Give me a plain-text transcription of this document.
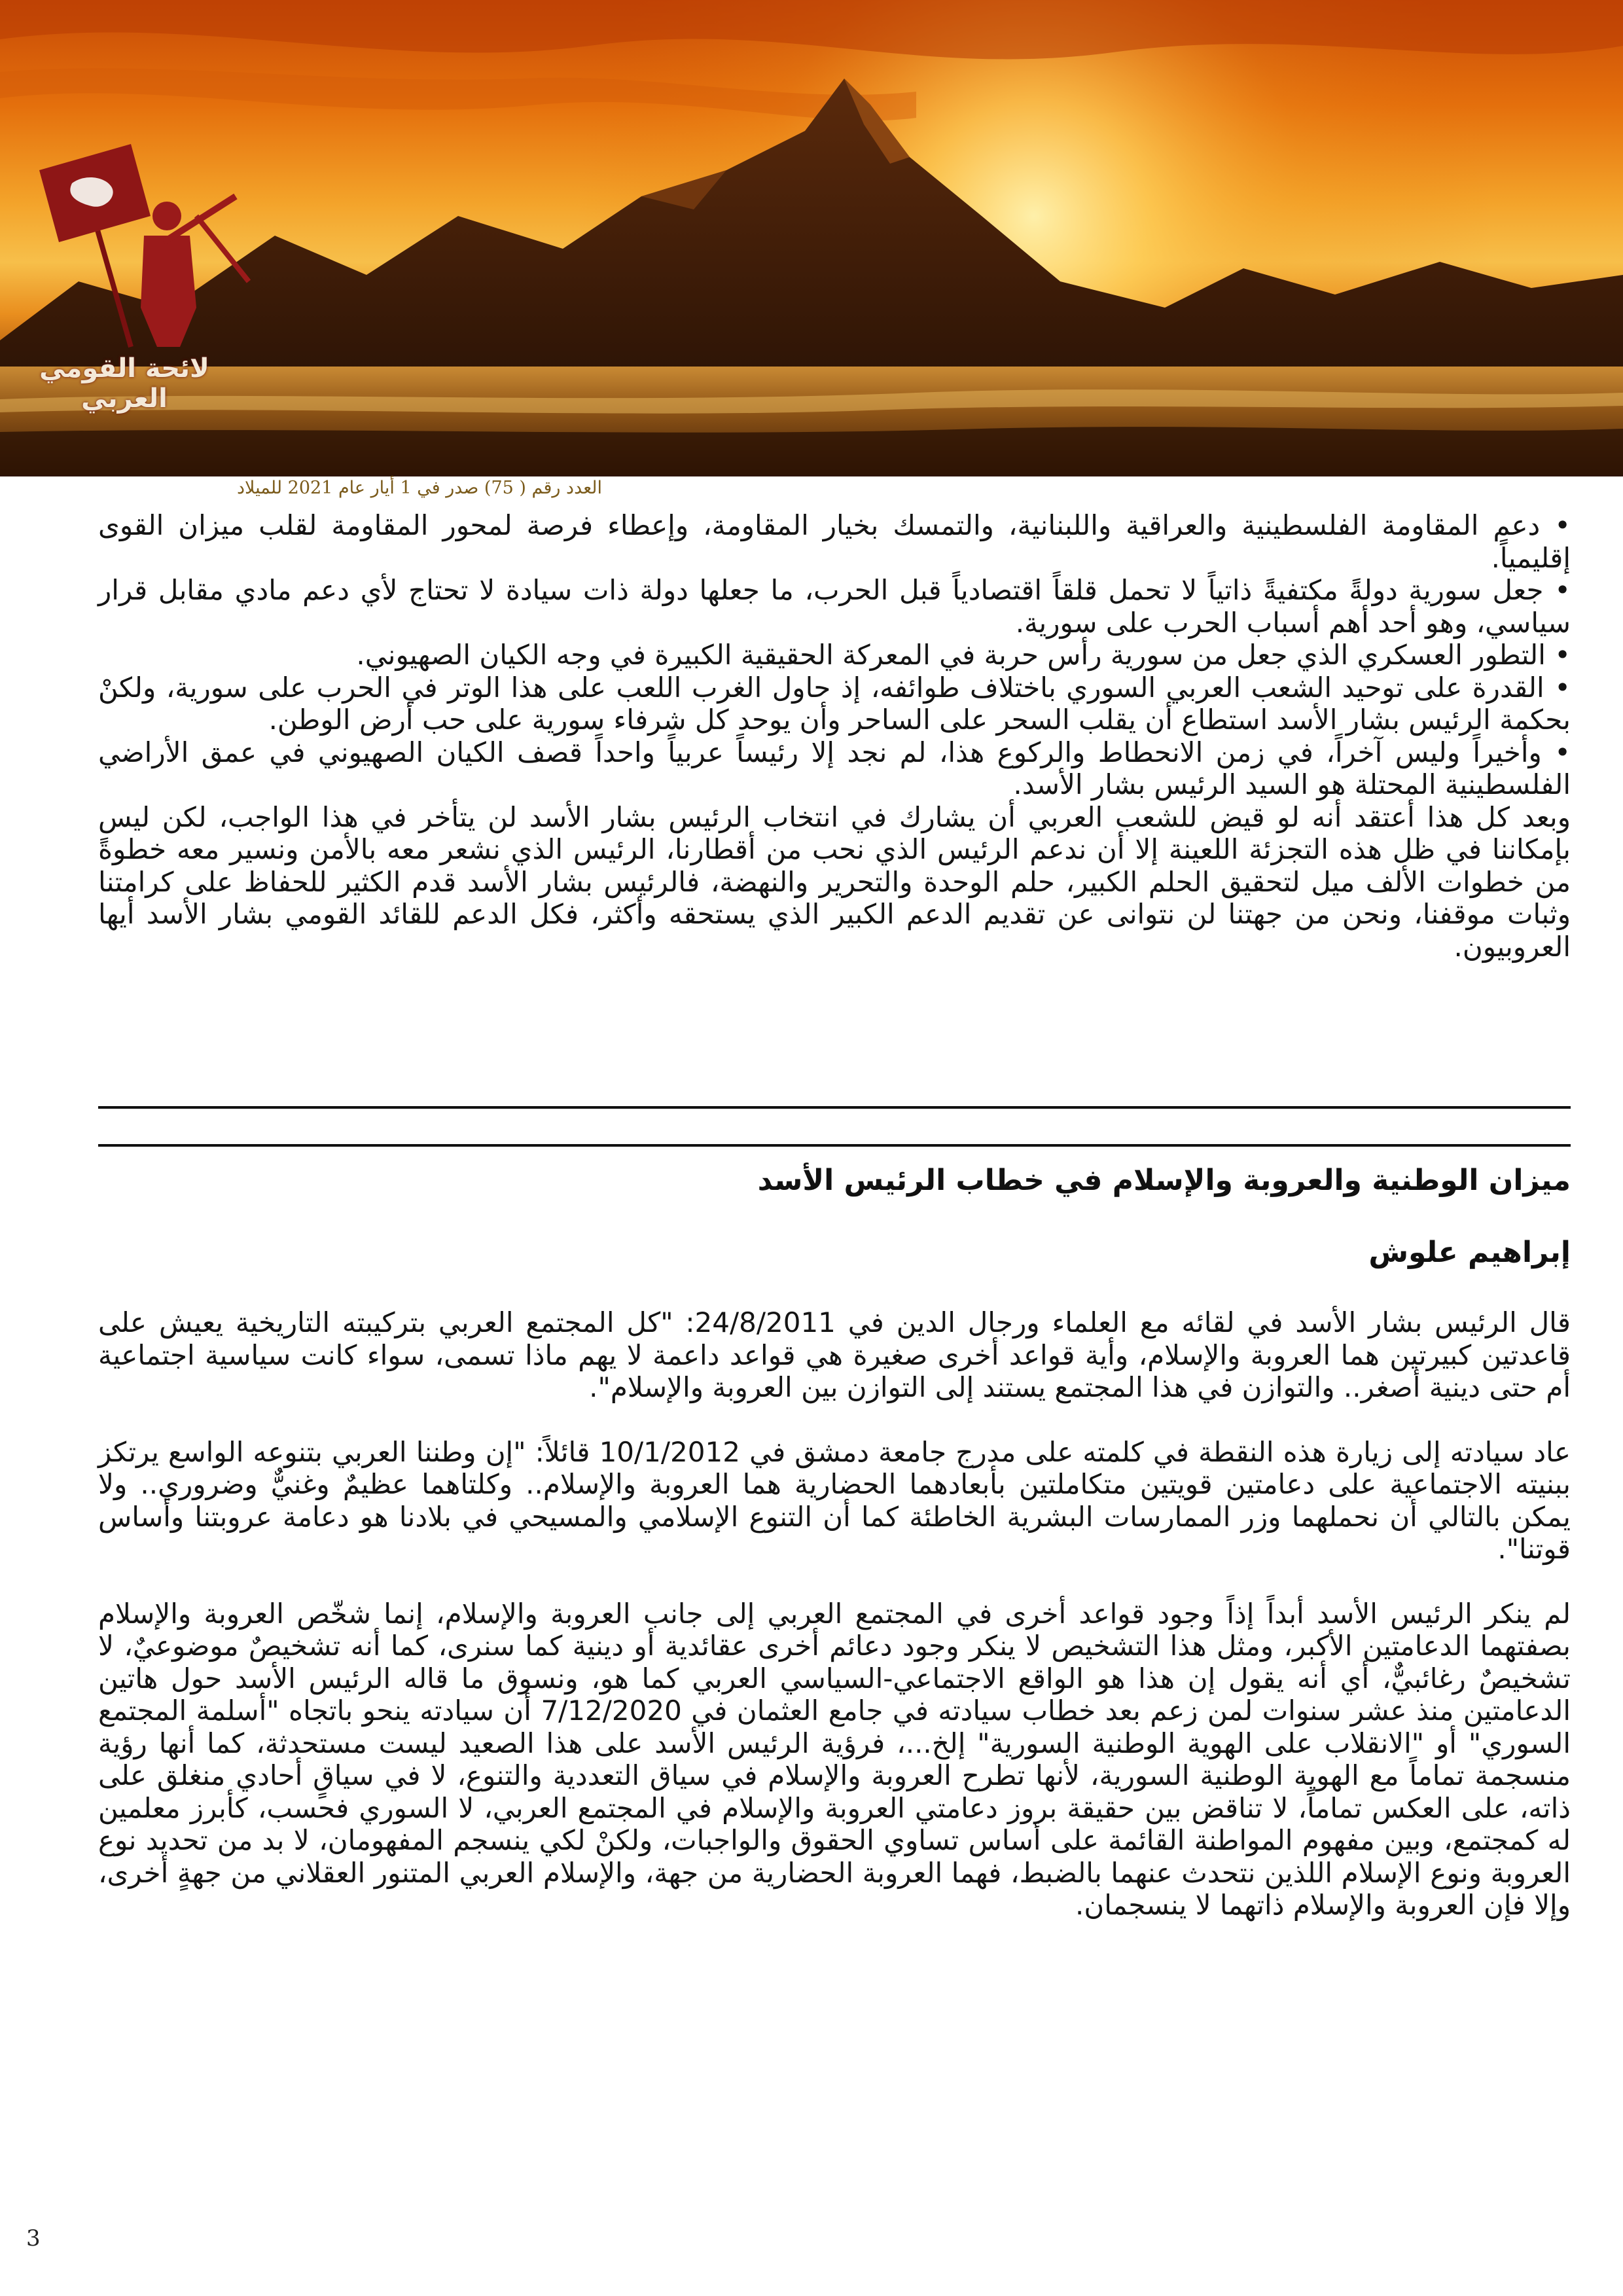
لائحة القومي العربي
العدد رقم ( 75) صدر في 1 أيار عام 2021 للميلاد

• دعم المقاومة الفلسطينية والعراقية واللبنانية، والتمسك بخيار المقاومة، وإعطاء فرصة لمحور المقاومة لقلب ميزان القوى إقليمياً.

• جعل سورية دولةً مكتفيةً ذاتياً لا تحمل قلقاً اقتصادياً قبل الحرب، ما جعلها دولة ذات سيادة لا تحتاج لأي دعم مادي مقابل قرار سياسي، وهو أحد أهم أسباب الحرب على سورية.

• التطور العسكري الذي جعل من سورية رأس حربة في المعركة الحقيقية الكبيرة في وجه الكيان الصهيوني.

• القدرة على توحيد الشعب العربي السوري باختلاف طوائفه، إذ حاول الغرب اللعب على هذا الوتر في الحرب على سورية، ولكنْ بحكمة الرئيس بشار الأسد استطاع أن يقلب السحر على الساحر وأن يوحد كل شرفاء سورية على حب أرض الوطن.

• وأخيراً وليس آخراً، في زمن الانحطاط والركوع هذا، لم نجد إلا رئيساً عربياً واحداً قصف الكيان الصهيوني في عمق الأراضي الفلسطينية المحتلة هو السيد الرئيس بشار الأسد.

وبعد كل هذا أعتقد أنه لو قيض للشعب العربي أن يشارك في انتخاب الرئيس بشار الأسد لن يتأخر في هذا الواجب، لكن ليس بإمكاننا في ظل هذه التجزئة اللعينة إلا أن ندعم الرئيس الذي نحب من أقطارنا، الرئيس الذي نشعر معه بالأمن ونسير معه خطوةً من خطوات الألف ميل لتحقيق الحلم الكبير، حلم الوحدة والتحرير والنهضة، فالرئيس بشار الأسد قدم الكثير للحفاظ على كرامتنا وثبات موقفنا، ونحن من جهتنا لن نتوانى عن تقديم الدعم الكبير الذي يستحقه وأكثر، فكل الدعم للقائد القومي بشار الأسد أيها العروبيون.

ميزان الوطنية والعروبة والإسلام في خطاب الرئيس الأسد
إبراهيم علوش

قال الرئيس بشار الأسد في لقائه مع العلماء ورجال الدين في 24/8/2011: "كل المجتمع العربي بتركيبته التاريخية يعيش على قاعدتين كبيرتين هما العروبة والإسلام، وأية قواعد أخرى صغيرة هي قواعد داعمة لا يهم ماذا تسمى، سواء كانت سياسية اجتماعية أم حتى دينية أصغر.. والتوازن في هذا المجتمع يستند إلى التوازن بين العروبة والإسلام".

عاد سيادته إلى زيارة هذه النقطة في كلمته على مدرج جامعة دمشق في 10/1/2012 قائلاً: "إن وطننا العربي بتنوعه الواسع يرتكز ببنيته الاجتماعية على دعامتين قويتين متكاملتين بأبعادهما الحضارية هما العروبة والإسلام.. وكلتاهما عظيمٌ وغنيٌّ وضروري.. ولا يمكن بالتالي أن نحملهما وزر الممارسات البشرية الخاطئة كما أن التنوع الإسلامي والمسيحي في بلادنا هو دعامة عروبتنا وأساس قوتنا".

لم ينكر الرئيس الأسد أبداً إذاً وجود قواعد أخرى في المجتمع العربي إلى جانب العروبة والإسلام، إنما شخّص العروبة والإسلام بصفتهما الدعامتين الأكبر، ومثل هذا التشخيص لا ينكر وجود دعائم أخرى عقائدية أو دينية كما سنرى، كما أنه تشخيصٌ موضوعيٌ، لا تشخيصٌ رغائبيٌّ، أي أنه يقول إن هذا هو الواقع الاجتماعي-السياسي العربي كما هو، ونسوق ما قاله الرئيس الأسد حول هاتين الدعامتين منذ عشر سنوات لمن زعم بعد خطاب سيادته في جامع العثمان في 7/12/2020 أن سيادته ينحو باتجاه "أسلمة المجتمع السوري" أو "الانقلاب على الهوية الوطنية السورية" إلخ...، فرؤية الرئيس الأسد على هذا الصعيد ليست مستحدثة، كما أنها رؤية منسجمة تماماً مع الهوية الوطنية السورية، لأنها تطرح العروبة والإسلام في سياق التعددية والتنوع، لا في سياقٍ أحادي منغلق على ذاته، على العكس تماماً، لا تناقض بين حقيقة بروز دعامتي العروبة والإسلام في المجتمع العربي، لا السوري فحسب، كأبرز معلمين له كمجتمع، وبين مفهوم المواطنة القائمة على أساس تساوي الحقوق والواجبات، ولكنْ لكي ينسجم المفهومان، لا بد من تحديد نوع العروبة ونوع الإسلام اللذين نتحدث عنهما بالضبط، فهما العروبة الحضارية من جهة، والإسلام العربي المتنور العقلاني من جهةٍ أخرى، وإلا فإن العروبة والإسلام ذاتهما لا ينسجمان.

3
